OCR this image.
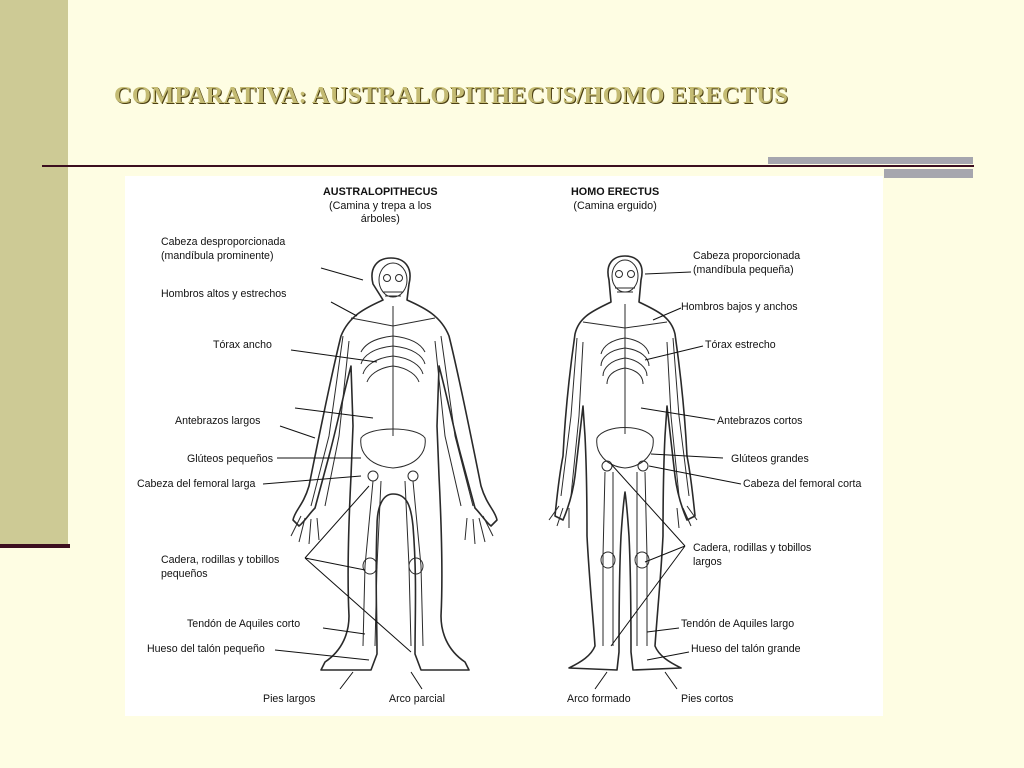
COMPARATIVA: AUSTRALOPITHECUS/HOMO ERECTUS
AUSTRALOPITHECUS
(Camina y trepa a los
árboles)
HOMO ERECTUS
(Camina erguido)
Cabeza desproporcionada
(mandíbula prominente)
Hombros altos y estrechos
Tórax ancho
Antebrazos largos
Glúteos pequeños
Cabeza del femoral larga
Cadera, rodillas y tobillos
pequeños
Tendón de Aquiles corto
Hueso del talón pequeño
Pies largos	Arco parcial
Cabeza proporcionada
(mandíbula pequeña)
Hombros bajos y anchos
Tórax estrecho
Antebrazos cortos
Glúteos grandes
Cabeza del femoral corta
Cadera, rodillas y tobillos
largos
Tendón de Aquiles largo
Hueso del talón grande
Arco formado	Pies cortos
